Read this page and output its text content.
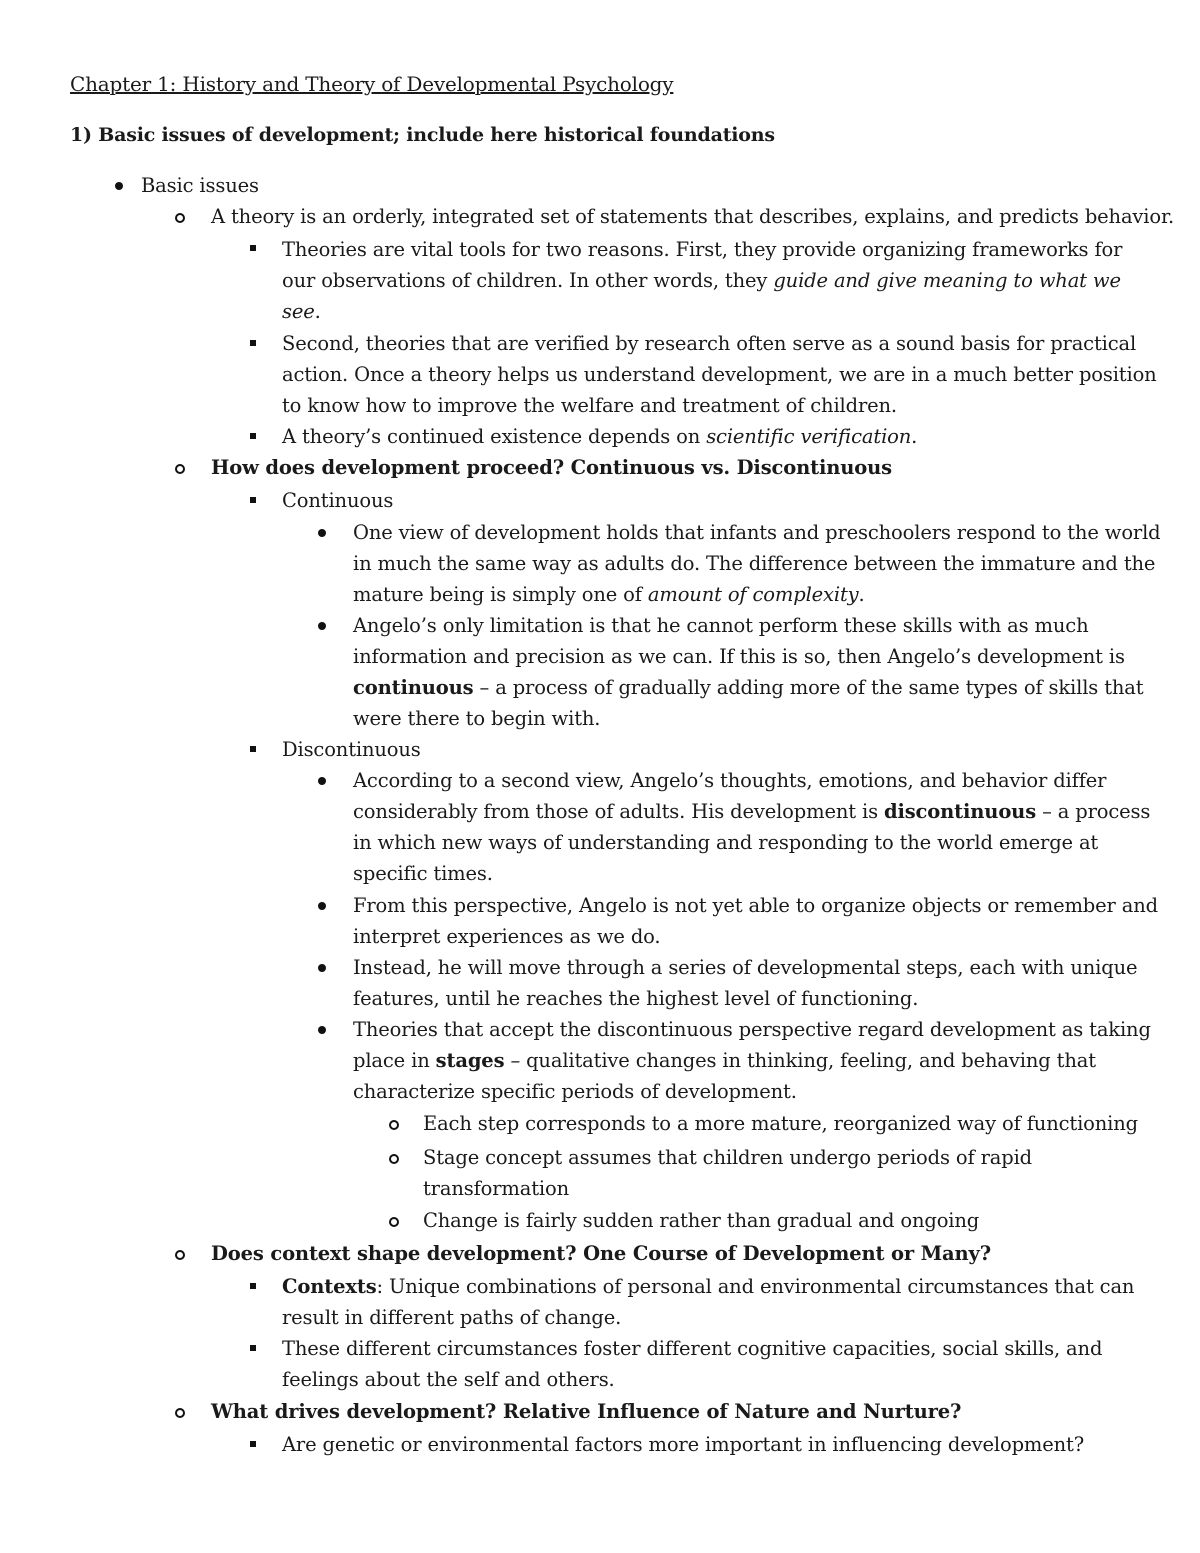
Chapter 1: History and Theory of Developmental Psychology
1) Basic issues of development; include here historical foundations
Basic issues
A theory is an orderly, integrated set of statements that describes, explains, and predicts behavior.
Theories are vital tools for two reasons. First, they provide organizing frameworks for
our observations of children. In other words, they guide and give meaning to what we
see.
Second, theories that are verified by research often serve as a sound basis for practical
action. Once a theory helps us understand development, we are in a much better position
to know how to improve the welfare and treatment of children.
A theory’s continued existence depends on scientific verification.
How does development proceed? Continuous vs. Discontinuous
Continuous
One view of development holds that infants and preschoolers respond to the world
in much the same way as adults do. The difference between the immature and the
mature being is simply one of amount of complexity.
Angelo’s only limitation is that he cannot perform these skills with as much
information and precision as we can. If this is so, then Angelo’s development is
continuous – a process of gradually adding more of the same types of skills that
were there to begin with.
Discontinuous
According to a second view, Angelo’s thoughts, emotions, and behavior differ
considerably from those of adults. His development is discontinuous – a process
in which new ways of understanding and responding to the world emerge at
specific times.
From this perspective, Angelo is not yet able to organize objects or remember and
interpret experiences as we do.
Instead, he will move through a series of developmental steps, each with unique
features, until he reaches the highest level of functioning.
Theories that accept the discontinuous perspective regard development as taking
place in stages – qualitative changes in thinking, feeling, and behaving that
characterize specific periods of development.
Each step corresponds to a more mature, reorganized way of functioning
Stage concept assumes that children undergo periods of rapid
transformation
Change is fairly sudden rather than gradual and ongoing
Does context shape development? One Course of Development or Many?
Contexts: Unique combinations of personal and environmental circumstances that can
result in different paths of change.
These different circumstances foster different cognitive capacities, social skills, and
feelings about the self and others.
What drives development? Relative Influence of Nature and Nurture?
Are genetic or environmental factors more important in influencing development?
